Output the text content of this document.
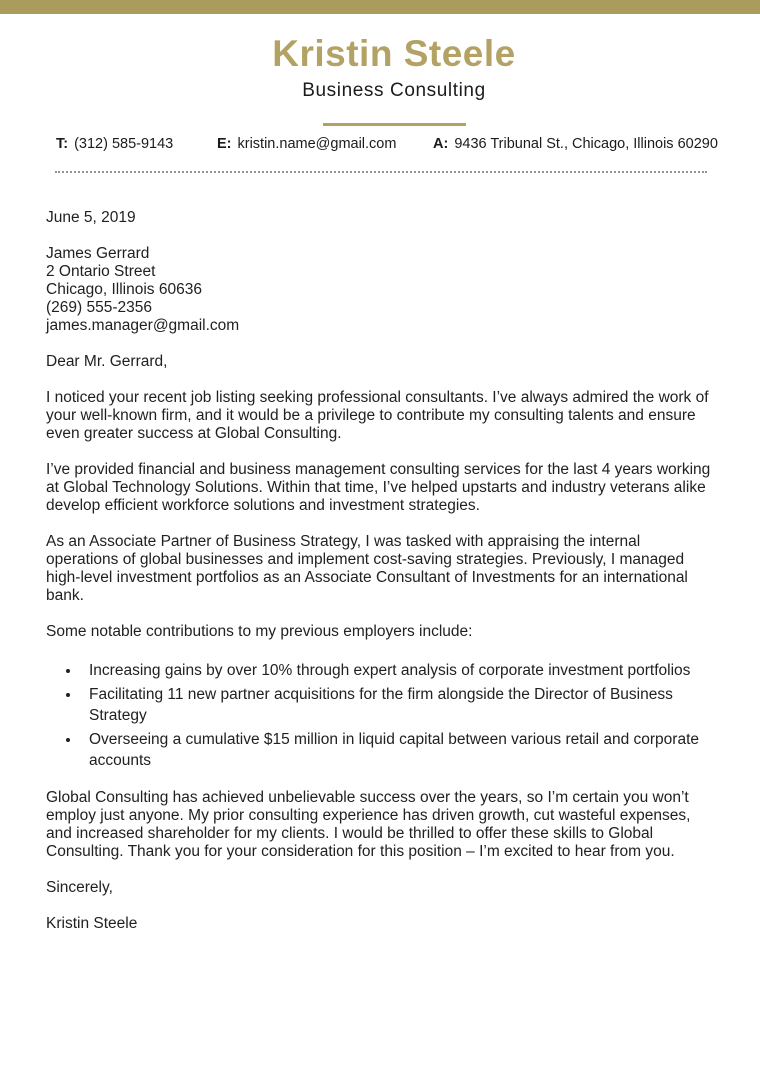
Kristin Steele
Business Consulting
T: (312) 585-9143	E: kristin.name@gmail.com	A: 9436 Tribunal St., Chicago, Illinois 60290
June 5, 2019
James Gerrard
2 Ontario Street
Chicago, Illinois 60636
(269) 555-2356
james.manager@gmail.com
Dear Mr. Gerrard,

I noticed your recent job listing seeking professional consultants. I’ve always admired the work of your well-known firm, and it would be a privilege to contribute my consulting talents and ensure even greater success at Global Consulting.

I’ve provided financial and business management consulting services for the last 4 years working at Global Technology Solutions. Within that time, I’ve helped upstarts and industry veterans alike develop efficient workforce solutions and investment strategies.

As an Associate Partner of Business Strategy, I was tasked with appraising the internal operations of global businesses and implement cost-saving strategies. Previously, I managed high-level investment portfolios as an Associate Consultant of Investments for an international bank.

Some notable contributions to my previous employers include:

• Increasing gains by over 10% through expert analysis of corporate investment portfolios
• Facilitating 11 new partner acquisitions for the firm alongside the Director of Business Strategy
• Overseeing a cumulative $15 million in liquid capital between various retail and corporate accounts

Global Consulting has achieved unbelievable success over the years, so I’m certain you won’t employ just anyone. My prior consulting experience has driven growth, cut wasteful expenses, and increased shareholder for my clients. I would be thrilled to offer these skills to Global Consulting. Thank you for your consideration for this position – I’m excited to hear from you.

Sincerely,
Kristin Steele
